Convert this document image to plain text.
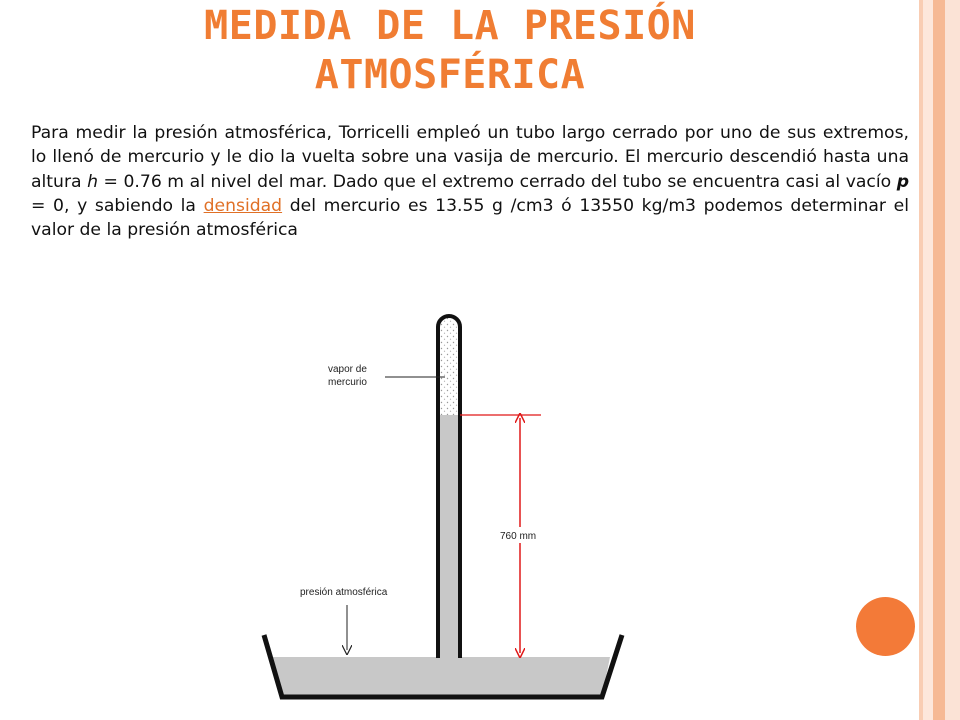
MEDIDA DE LA PRESIÓN
ATMOSFÉRICA
Para medir la presión atmosférica, Torricelli empleó un tubo largo cerrado por uno de sus extremos, lo llenó de mercurio y le dio la vuelta sobre una vasija de mercurio. El mercurio descendió hasta una altura h = 0.76 m al nivel del mar. Dado que el extremo cerrado del tubo se encuentra casi al vacío p = 0, y sabiendo la densidad del mercurio es 13.55 g /cm3 ó 13550 kg/m3 podemos determinar el valor de la presión atmosférica
vapor de
mercurio
760 mm
presión atmosférica
